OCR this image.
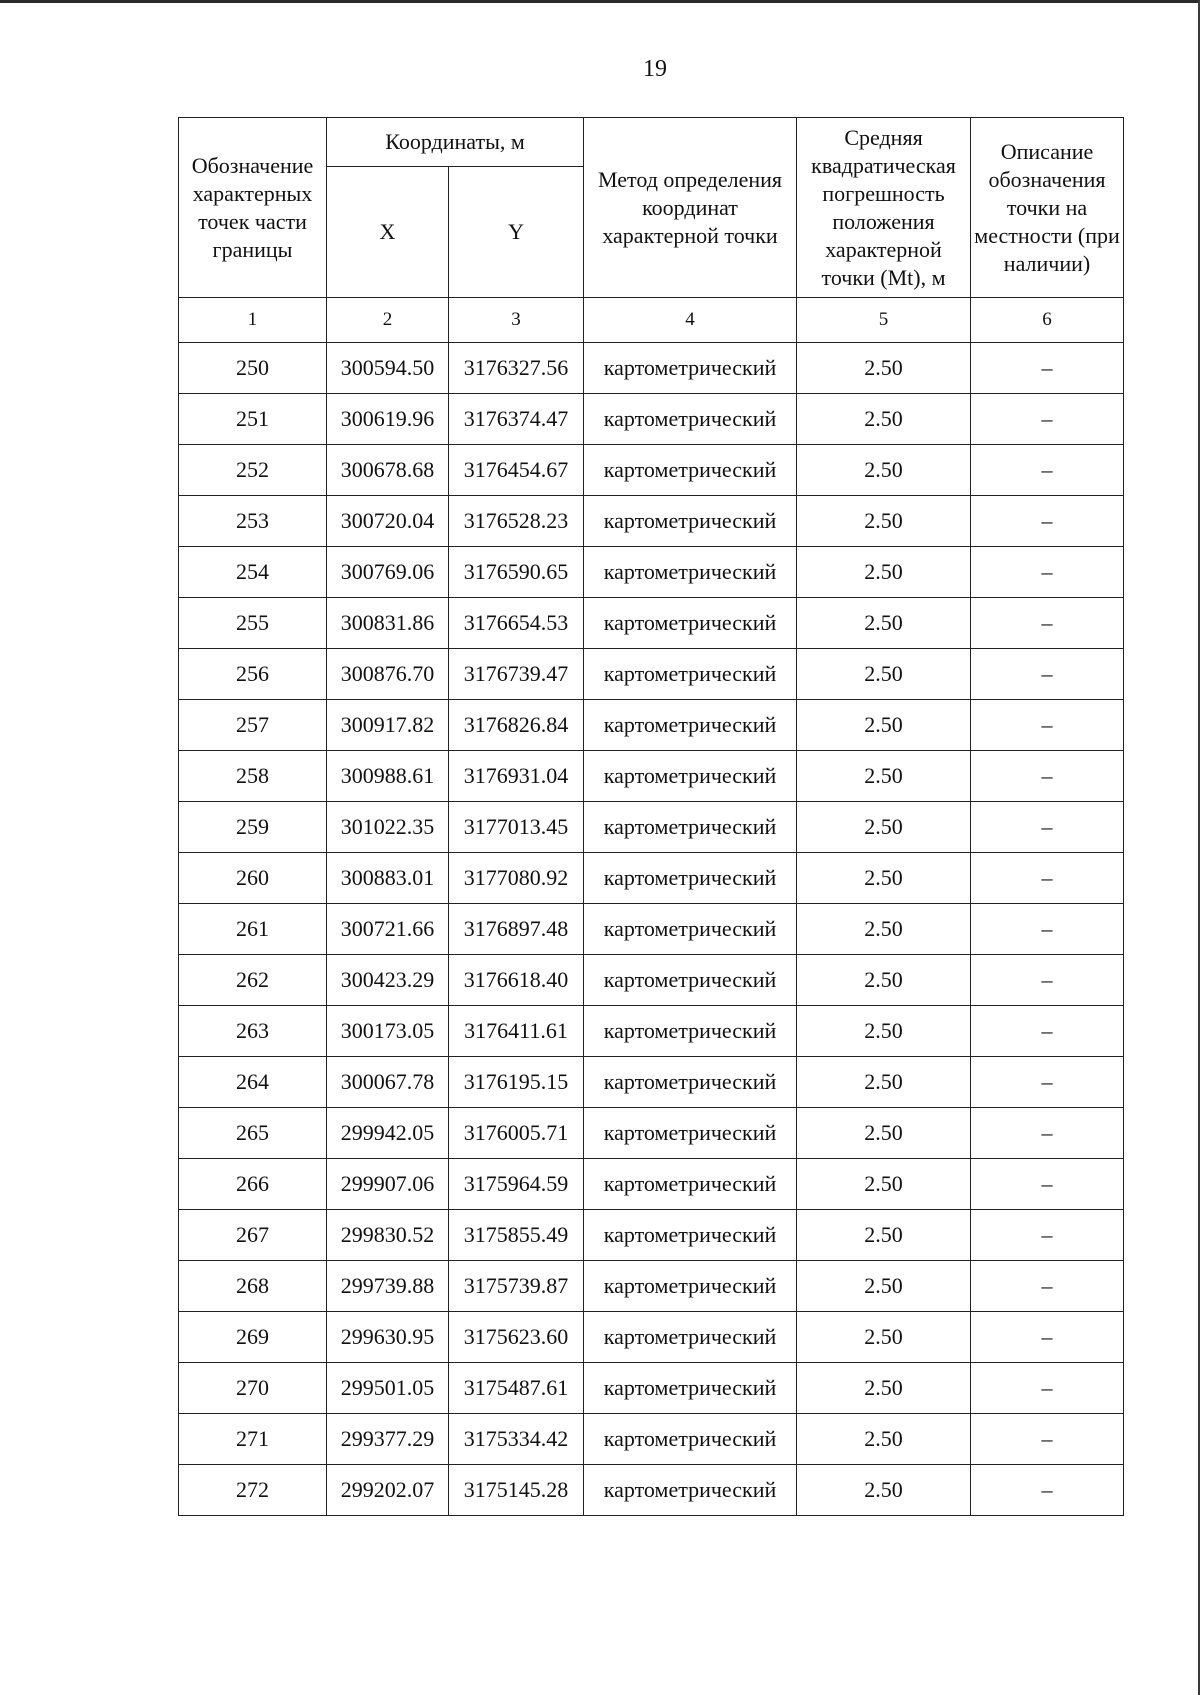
19
Обозначение характерных точек части границы	Координаты, м		Метод определения координат характерной точки	Средняя квадратическая погрешность положения характерной точки (Mt), м	Описание обозначения точки на местности (при наличии)
	X	Y			
1	2	3	4	5	6
250	300594.50	3176327.56	картометрический	2.50	–
251	300619.96	3176374.47	картометрический	2.50	–
252	300678.68	3176454.67	картометрический	2.50	–
253	300720.04	3176528.23	картометрический	2.50	–
254	300769.06	3176590.65	картометрический	2.50	–
255	300831.86	3176654.53	картометрический	2.50	–
256	300876.70	3176739.47	картометрический	2.50	–
257	300917.82	3176826.84	картометрический	2.50	–
258	300988.61	3176931.04	картометрический	2.50	–
259	301022.35	3177013.45	картометрический	2.50	–
260	300883.01	3177080.92	картометрический	2.50	–
261	300721.66	3176897.48	картометрический	2.50	–
262	300423.29	3176618.40	картометрический	2.50	–
263	300173.05	3176411.61	картометрический	2.50	–
264	300067.78	3176195.15	картометрический	2.50	–
265	299942.05	3176005.71	картометрический	2.50	–
266	299907.06	3175964.59	картометрический	2.50	–
267	299830.52	3175855.49	картометрический	2.50	–
268	299739.88	3175739.87	картометрический	2.50	–
269	299630.95	3175623.60	картометрический	2.50	–
270	299501.05	3175487.61	картометрический	2.50	–
271	299377.29	3175334.42	картометрический	2.50	–
272	299202.07	3175145.28	картометрический	2.50	–
